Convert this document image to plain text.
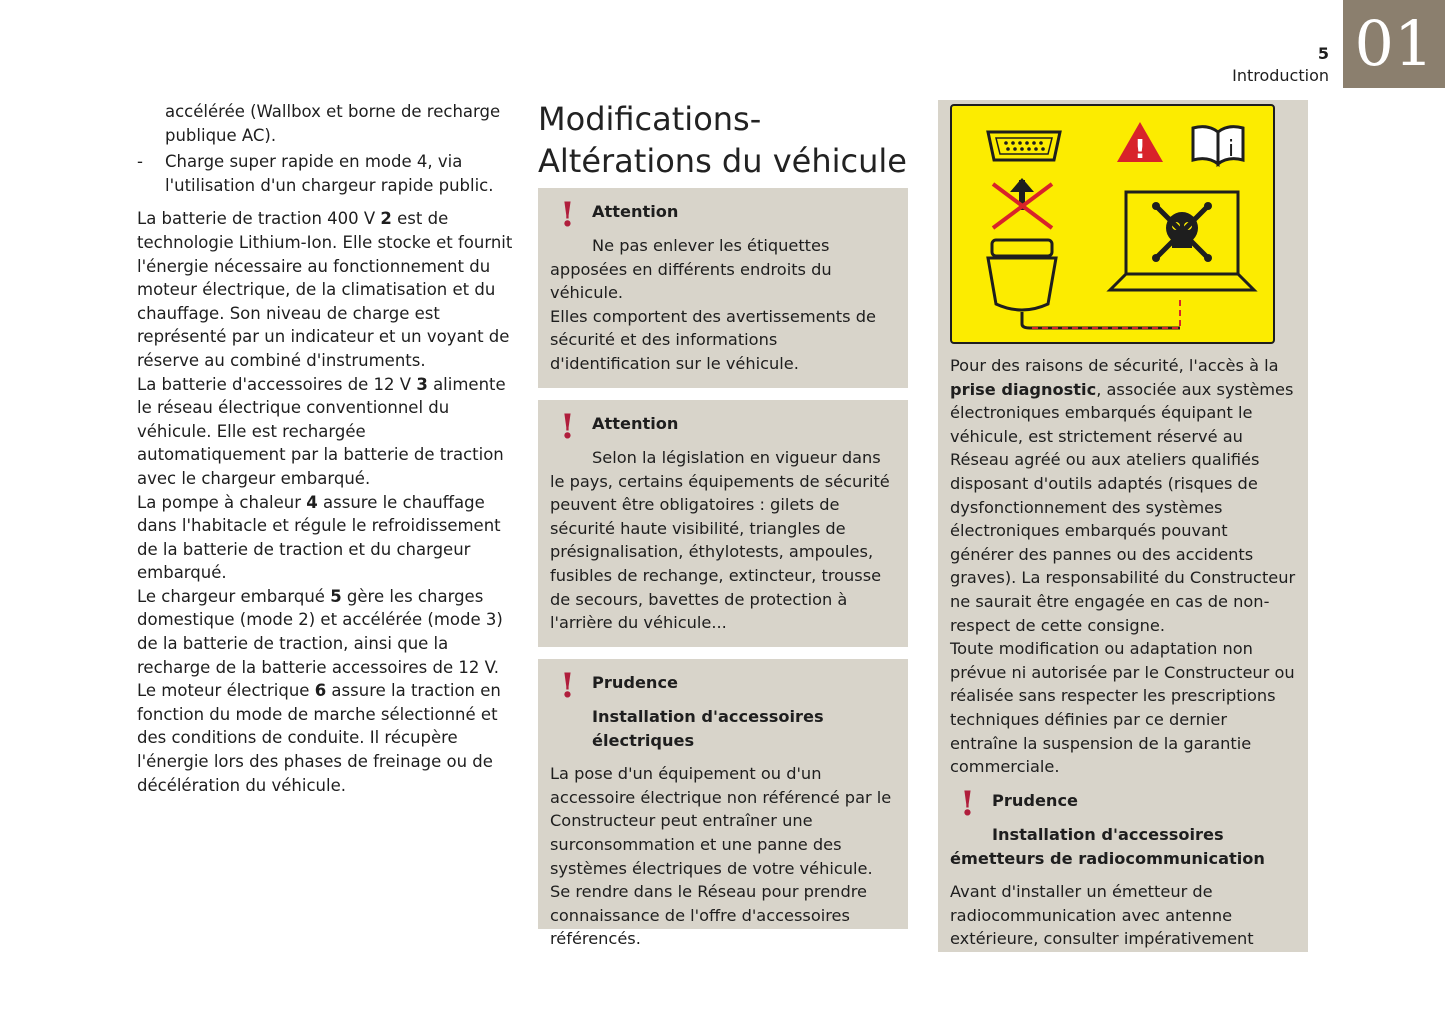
5
Introduction 01

accélérée (Wallbox et borne de recharge publique AC).

- Charge super rapide en mode 4, via l'utilisation d'un chargeur rapide public.

La batterie de traction 400 V 2 est de technologie Lithium-Ion. Elle stocke et fournit l'énergie nécessaire au fonctionnement du moteur électrique, de la climatisation et du chauffage. Son niveau de charge est représenté par un indicateur et un voyant de réserve au combiné d'instruments.

La batterie d'accessoires de 12 V 3 alimente le réseau électrique conventionnel du véhicule. Elle est rechargée automatiquement par la batterie de traction avec le chargeur embarqué.

La pompe à chaleur 4 assure le chauffage dans l'habitacle et régule le refroidissement de la batterie de traction et du chargeur embarqué.

Le chargeur embarqué 5 gère les charges domestique (mode 2) et accélérée (mode 3) de la batterie de traction, ainsi que la recharge de la batterie accessoires de 12 V.

Le moteur électrique 6 assure la traction en fonction du mode de marche sélectionné et des conditions de conduite. Il récupère l'énergie lors des phases de freinage ou de décélération du véhicule.

Modifications-Altérations du véhicule
! Attention

Ne pas enlever les étiquettes apposées en différents endroits du véhicule.

Elles comportent des avertissements de sécurité et des informations d'identification sur le véhicule.

! Attention

Selon la législation en vigueur dans le pays, certains équipements de sécurité peuvent être obligatoires : gilets de sécurité haute visibilité, triangles de présignalisation, éthylotests, ampoules, fusibles de rechange, extincteur, trousse de secours, bavettes de protection à l'arrière du véhicule...

! Prudence

Installation d'accessoires électriques

La pose d'un équipement ou d'un accessoire électrique non référencé par le Constructeur peut entraîner une surconsommation et une panne des systèmes électriques de votre véhicule.

Se rendre dans le Réseau pour prendre connaissance de l'offre d'accessoires référencés.

!	i

Pour des raisons de sécurité, l'accès à la prise diagnostic, associée aux systèmes électroniques embarqués équipant le véhicule, est strictement réservé au Réseau agréé ou aux ateliers qualifiés disposant d'outils adaptés (risques de dysfonctionnement des systèmes électroniques embarqués pouvant générer des pannes ou des accidents graves). La responsabilité du Constructeur ne saurait être engagée en cas de non-respect de cette consigne.

Toute modification ou adaptation non prévue ni autorisée par le Constructeur ou réalisée sans respecter les prescriptions techniques définies par ce dernier entraîne la suspension de la garantie commerciale.

! Prudence

Installation d'accessoires émetteurs de radiocommunication

Avant d'installer un émetteur de radiocommunication avec antenne extérieure, consulter impérativement
